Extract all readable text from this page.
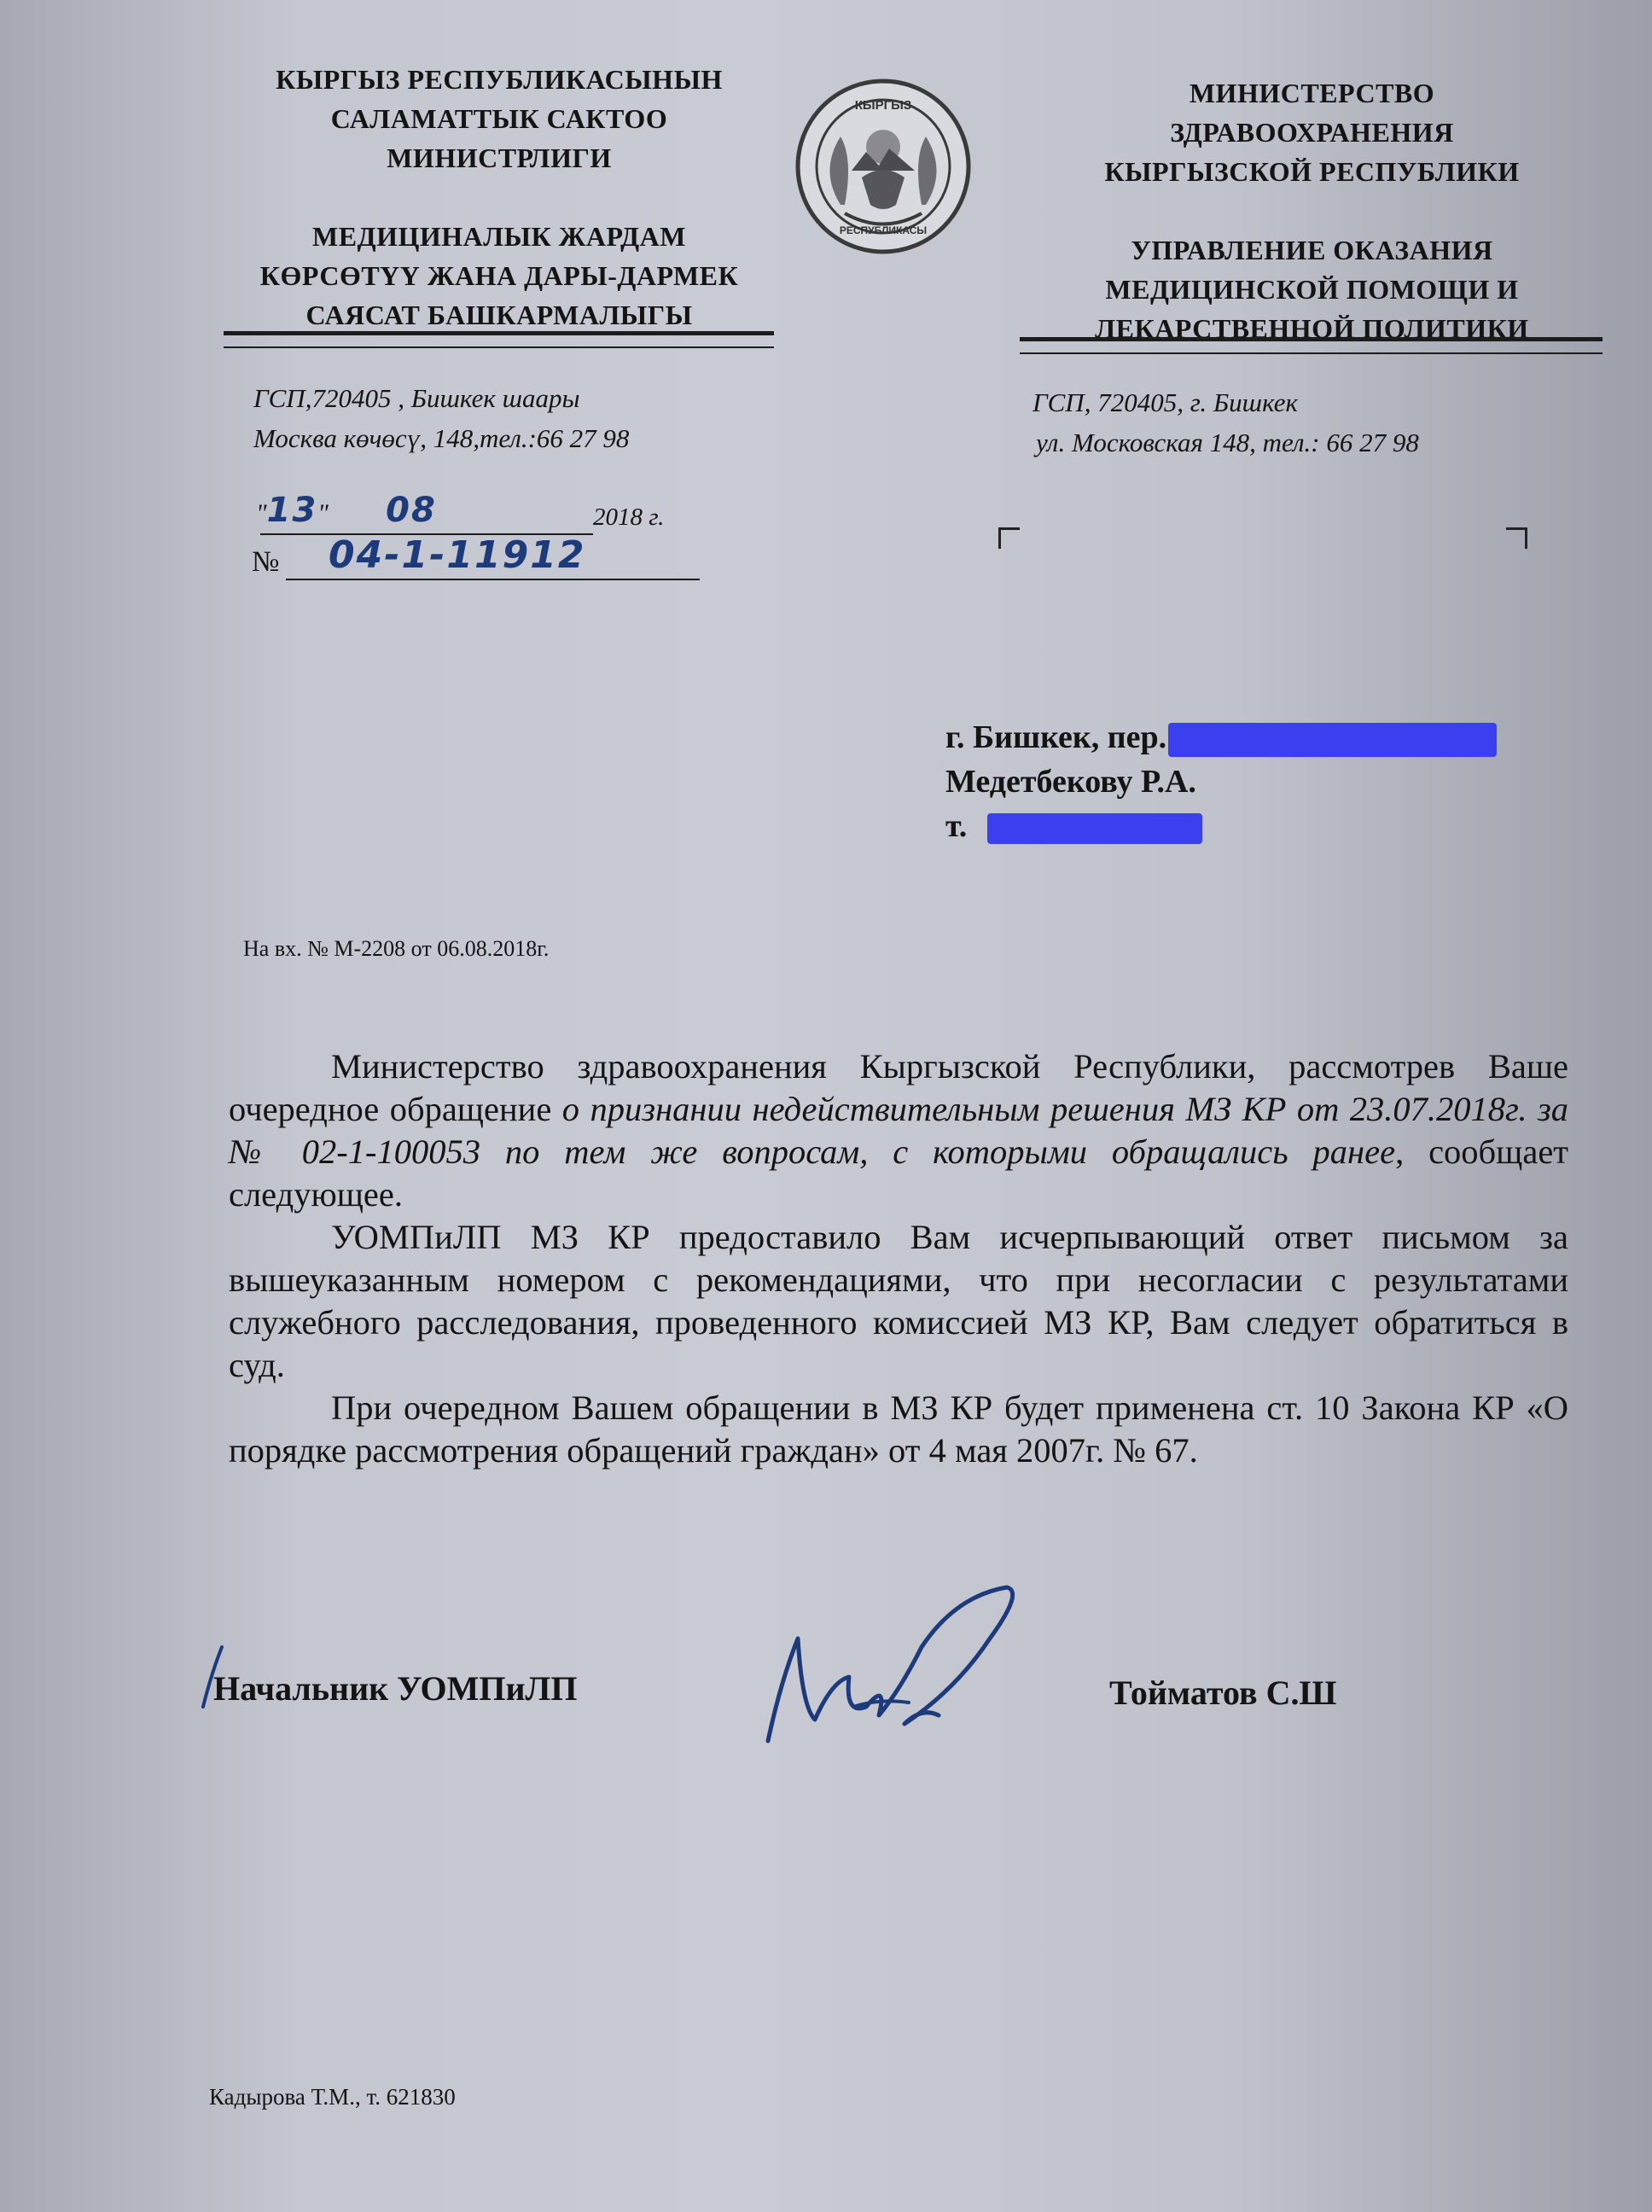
КЫРГЫЗ РЕСПУБЛИКАСЫНЫН
САЛАМАТТЫК САКТОО
МИНИСТРЛИГИ
МЕДИЦИНАЛЫК ЖАРДАМ
КӨРСӨТҮҮ ЖАНА ДАРЫ-ДАРМЕК
САЯСАТ БАШКАРМАЛЫГЫ
КЫРГЫЗ
РЕСПУБЛИКАСЫ
МИНИСТЕРСТВО
ЗДРАВООХРАНЕНИЯ
КЫРГЫЗСКОЙ РЕСПУБЛИКИ
УПРАВЛЕНИЕ ОКАЗАНИЯ
МЕДИЦИНСКОЙ ПОМОЩИ И
ЛЕКАРСТВЕННОЙ ПОЛИТИКИ
ГСП,720405 , Бишкек шаары
Москва көчөсү, 148,тел.:66 27 98
ГСП, 720405, г. Бишкек
ул. Московская 148, тел.: 66 27 98
"13" 08	2018 г.
№ 04-1-11912
г. Бишкек, пер.
Медетбекову Р.А.
т.
На вх. № М-2208 от 06.08.2018г.

Министерство здравоохранения Кыргызской Республики, рассмотрев Ваше очередное обращение о признании недействительным решения МЗ КР от 23.07.2018г. за № 02-1-100053 по тем же вопросам, с которыми обращались ранее, сообщает следующее.

УОМПиЛП МЗ КР предоставило Вам исчерпывающий ответ письмом за вышеуказанным номером с рекомендациями, что при несогласии с результатами служебного расследования, проведенного комиссией МЗ КР, Вам следует обратиться в суд.

При очередном Вашем обращении в МЗ КР будет применена ст. 10 Закона КР «О порядке рассмотрения обращений граждан» от 4 мая 2007г. № 67.

Начальник УОМПиЛП	Тойматов С.Ш
Кадырова Т.М., т. 621830
